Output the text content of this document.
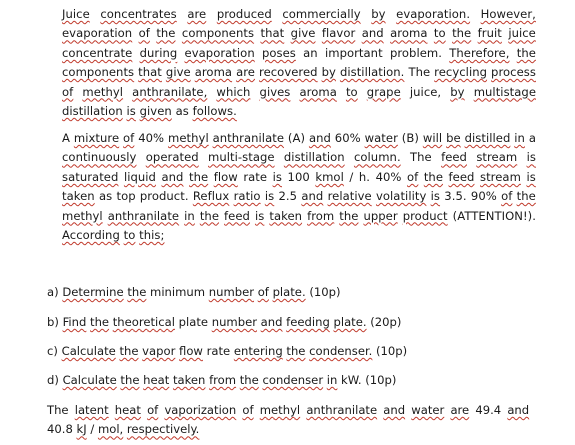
Juice concentrates are produced commercially by evaporation. However, evaporation of the components that give flavor and aroma to the fruit juice concentrate during evaporation poses an important problem. Therefore, the components that give aroma are recovered by distillation. The recycling process of methyl anthranilate, which gives aroma to grape juice, by multistage distillation is given as follows.

A mixture of 40% methyl anthranilate (A) and 60% water (B) will be distilled in a continuously operated multi-stage distillation column. The feed stream is saturated liquid and the flow rate is 100 kmol / h. 40% of the feed stream is taken as top product. Reflux ratio is 2.5 and relative volatility is 3.5. 90% of the methyl anthranilate in the feed is taken from the upper product (ATTENTION!). According to this;

a) Determine the minimum number of plate. (10p)

b) Find the theoretical plate number and feeding plate. (20p)

c) Calculate the vapor flow rate entering the condenser. (10p)

d) Calculate the heat taken from the condenser in kW. (10p)

The latent heat of vaporization of methyl anthranilate and water are 49.4 and 40.8 kJ / mol, respectively.
